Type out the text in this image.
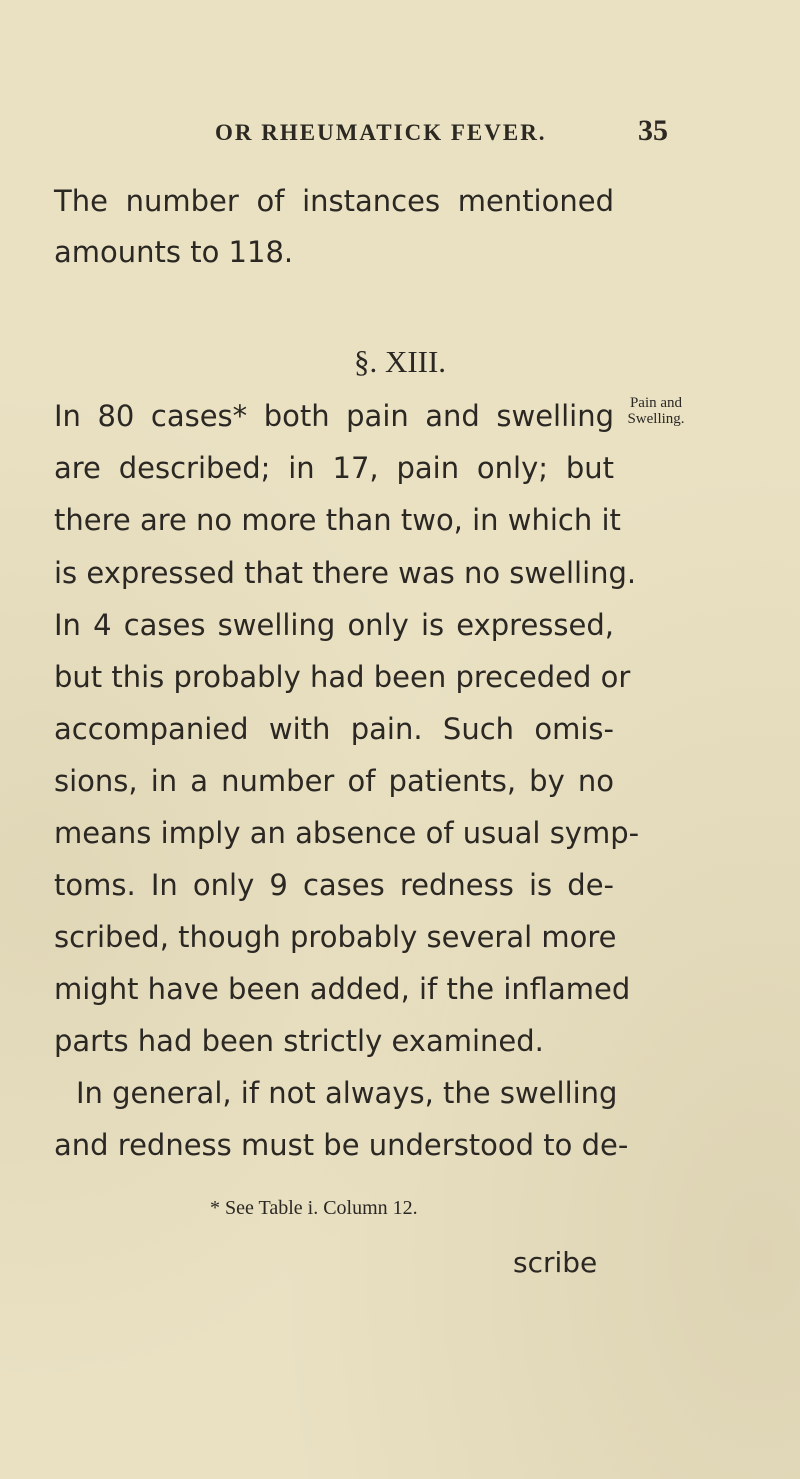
OR RHEUMATICK FEVER.	35
The number of instances mentioned
amounts to 118.
§. XIII.
In 80 cases* both pain and swelling	Pain and
Swelling.
are described; in 17, pain only; but
there are no more than two, in which it
is expressed that there was no swelling.
In 4 cases swelling only is expressed,
but this probably had been preceded or
accompanied with pain. Such omis-
sions, in a number of patients, by no
means imply an absence of usual symp-
toms. In only 9 cases redness is de-
scribed, though probably several more
might have been added, if the inflamed
parts had been strictly examined.
In general, if not always, the swelling
and redness must be understood to de-
* See Table i. Column 12.
scribe
